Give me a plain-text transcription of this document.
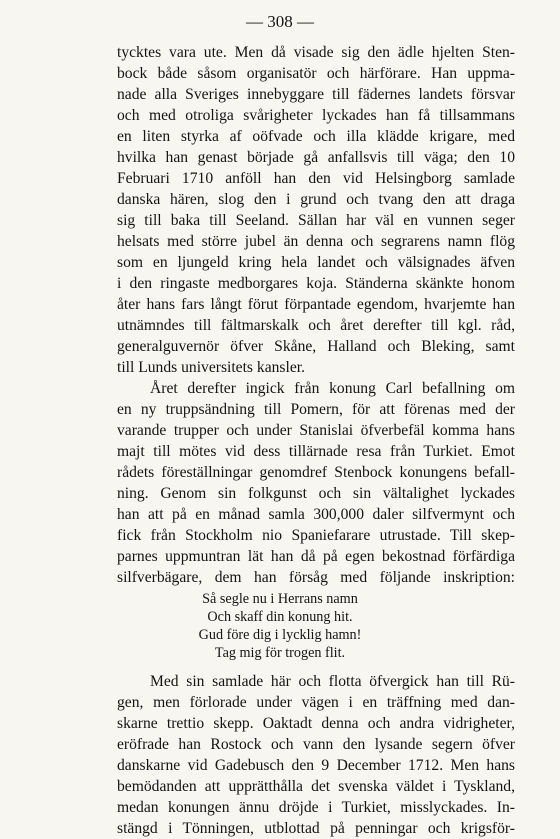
— 308 —
tycktes vara ute. Men då visade sig den ädle hjelten Sten-
bock både såsom organisatör och härförare. Han uppma-
nade alla Sveriges innebyggare till fädernes landets försvar
och med otroliga svårigheter lyckades han få tillsammans
en liten styrka af oöfvade och illa klädde krigare, med
hvilka han genast började gå anfallsvis till väga; den 10
Februari 1710 anföll han den vid Helsingborg samlade
danska hären, slog den i grund och tvang den att draga
sig till baka till Seeland. Sällan har väl en vunnen seger
helsats med större jubel än denna och segrarens namn flög
som en ljungeld kring hela landet och välsignades äfven
i den ringaste medborgares koja. Ständerna skänkte honom
åter hans fars långt förut förpantade egendom, hvarjemte han
utnämndes till fältmarskalk och året derefter till kgl. råd,
generalguvernör öfver Skåne, Halland och Bleking, samt
till Lunds universitets kansler.
Året derefter ingick från konung Carl befallning om
en ny truppsändning till Pomern, för att förenas med der
varande trupper och under Stanislai öfverbefäl komma hans
majt till mötes vid dess tillärnade resa från Turkiet. Emot
rådets föreställningar genomdref Stenbock konungens befall-
ning. Genom sin folkgunst och sin vältalighet lyckades
han att på en månad samla 300,000 daler silfvermynt och
fick från Stockholm nio Spaniefarare utrustade. Till skep-
parnes uppmuntran lät han då på egen bekostnad förfärdiga
silfverbägare, dem han försåg med följande inskription:
Så segle nu i Herrans namn
Och skaff din konung hit.
Gud före dig i lycklig hamn!
Tag mig för trogen flit.
Med sin samlade här och flotta öfvergick han till Rü-
gen, men förlorade under vägen i en träffning med dan-
skarne trettio skepp. Oaktadt denna och andra vidrigheter,
eröfrade han Rostock och vann den lysande segern öfver
danskarne vid Gadebusch den 9 December 1712. Men hans
bemödanden att upprätthålla det svenska väldet i Tyskland,
medan konungen ännu dröjde i Turkiet, misslyckades. In-
stängd i Tönningen, utblottad på penningar och krigsför-
